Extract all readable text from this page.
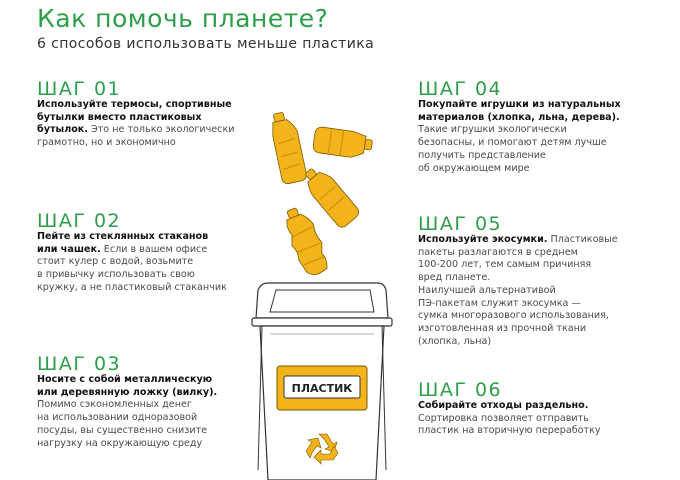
Как помочь планете?
6 способов использовать меньше пластика
ШАГ 01
Используйте термосы, спортивные
бутылки вместо пластиковых
бутылок. Это не только экологически
грамотно, но и экономично
ШАГ 02
Пейте из стеклянных стаканов
или чашек. Если в вашем офисе
стоит кулер с водой, возьмите
в привычку использовать свою
кружку, а не пластиковый стаканчик
ШАГ 03
Носите с собой металлическую
или деревянную ложку (вилку).
Помимо сэкономленных денег
на использовании одноразовой
посуды, вы существенно снизите
нагрузку на окружающую среду
ШАГ 04
Покупайте игрушки из натуральных
материалов (хлопка, льна, дерева).
Такие игрушки экологически
безопасны, и помогают детям лучше
получить представление
об окружающем мире
ШАГ 05
Используйте экосумки. Пластиковые
пакеты разлагаются в среднем
100-200 лет, тем самым причиняя
вред планете.
Наилучшей альтернативой
ПЭ-пакетам служит экосумка —
сумка многоразового использования,
изготовленная из прочной ткани
(хлопка, льна)
ШАГ 06
Собирайте отходы раздельно.
Сортировка позволяет отправить
пластик на вторичную переработку
ПЛАСТИК
